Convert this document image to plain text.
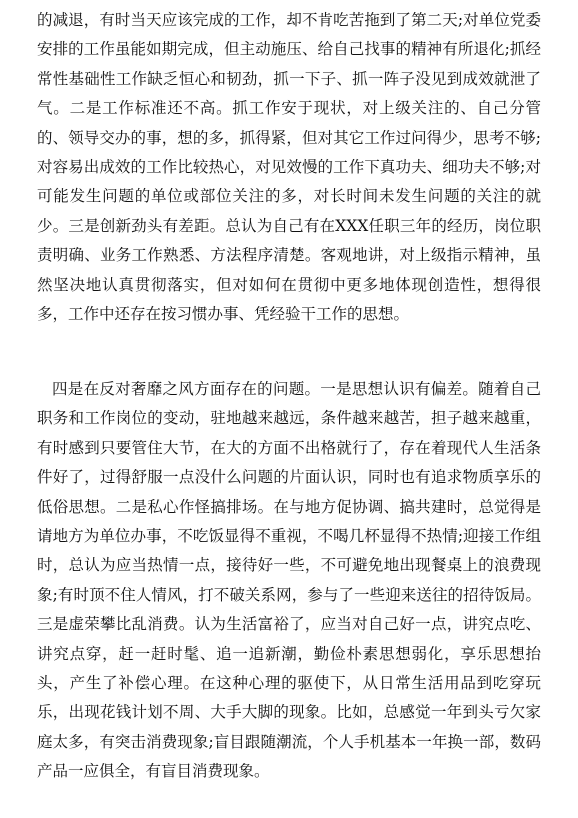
的减退，有时当天应该完成的工作，却不肯吃苦拖到了第二天;对单位党委安排的工作虽能如期完成，但主动施压、给自己找事的精神有所退化;抓经常性基础性工作缺乏恒心和韧劲，抓一下子、抓一阵子没见到成效就泄了气。二是工作标准还不高。抓工作安于现状，对上级关注的、自己分管的、领导交办的事，想的多，抓得紧，但对其它工作过问得少，思考不够;对容易出成效的工作比较热心，对见效慢的工作下真功夫、细功夫不够;对可能发生问题的单位或部位关注的多，对长时间未发生问题的关注的就少。三是创新劲头有差距。总认为自己有在XXX任职三年的经历，岗位职责明确、业务工作熟悉、方法程序清楚。客观地讲，对上级指示精神，虽然坚决地认真贯彻落实，但对如何在贯彻中更多地体现创造性，想得很多，工作中还存在按习惯办事、凭经验干工作的思想。

四是在反对奢靡之风方面存在的问题。一是思想认识有偏差。随着自己职务和工作岗位的变动，驻地越来越远，条件越来越苦，担子越来越重，有时感到只要管住大节，在大的方面不出格就行了，存在着现代人生活条件好了，过得舒服一点没什么问题的片面认识，同时也有追求物质享乐的低俗思想。二是私心作怪搞排场。在与地方促协调、搞共建时，总觉得是请地方为单位办事，不吃饭显得不重视，不喝几杯显得不热情;迎接工作组时，总认为应当热情一点，接待好一些，不可避免地出现餐桌上的浪费现象;有时顶不住人情风，打不破关系网，参与了一些迎来送往的招待饭局。三是虚荣攀比乱消费。认为生活富裕了，应当对自己好一点，讲究点吃、讲究点穿，赶一赶时髦、追一追新潮，勤俭朴素思想弱化，享乐思想抬头，产生了补偿心理。在这种心理的驱使下，从日常生活用品到吃穿玩乐，出现花钱计划不周、大手大脚的现象。比如，总感觉一年到头亏欠家庭太多，有突击消费现象;盲目跟随潮流，个人手机基本一年换一部，数码产品一应俱全，有盲目消费现象。
